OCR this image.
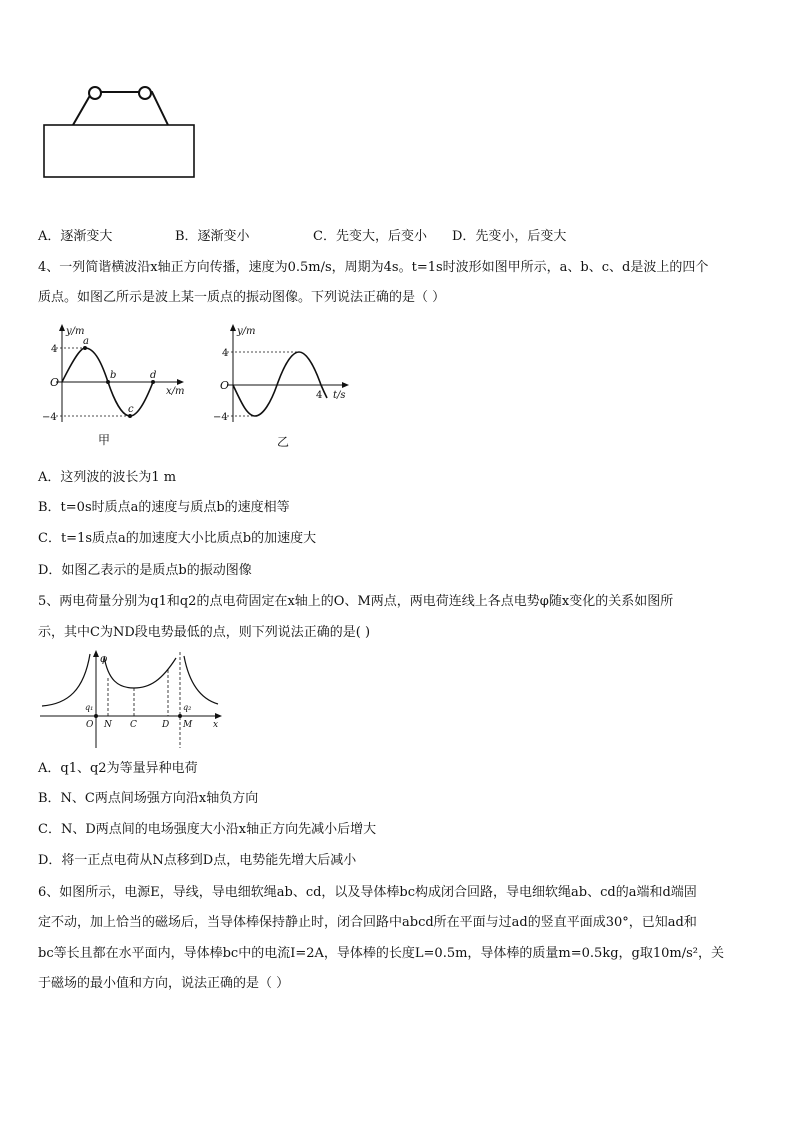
A．逐渐变大	B．逐渐变小	C．先变大，后变小 D．先变小，后变大
4、一列简谐横波沿x轴正方向传播，速度为0.5m/s，周期为4s。t=1s时波形如图甲所示，a、b、c、d是波上的四个
质点。如图乙所示是波上某一质点的振动图像。下列说法正确的是（ ）
y/m
x/m
O
4
−4
a
b
c
d
甲
y/m
t/s
O
4
−4
4
乙
A．这列波的波长为1 m
B．t=0s时质点a的速度与质点b的速度相等
C．t=1s质点a的加速度大小比质点b的加速度大
D．如图乙表示的是质点b的振动图像
5、两电荷量分别为q1和q2的点电荷固定在x轴上的O、M两点，两电荷连线上各点电势φ随x变化的关系如图所
示，其中C为ND段电势最低的点，则下列说法正确的是( )
φ
q₁	q₂
O N C	D M x
A．q1、q2为等量异种电荷
B．N、C两点间场强方向沿x轴负方向
C．N、D两点间的电场强度大小沿x轴正方向先减小后增大
D．将一正点电荷从N点移到D点，电势能先增大后减小
6、如图所示，电源E，导线，导电细软绳ab、cd，以及导体棒bc构成闭合回路，导电细软绳ab、cd的a端和d端固
定不动，加上恰当的磁场后，当导体棒保持静止时，闭合回路中abcd所在平面与过ad的竖直平面成30°，已知ad和
bc等长且都在水平面内，导体棒bc中的电流I=2A，导体棒的长度L=0.5m，导体棒的质量m=0.5kg，g取10m/s²，关
于磁场的最小值和方向，说法正确的是（ ）
